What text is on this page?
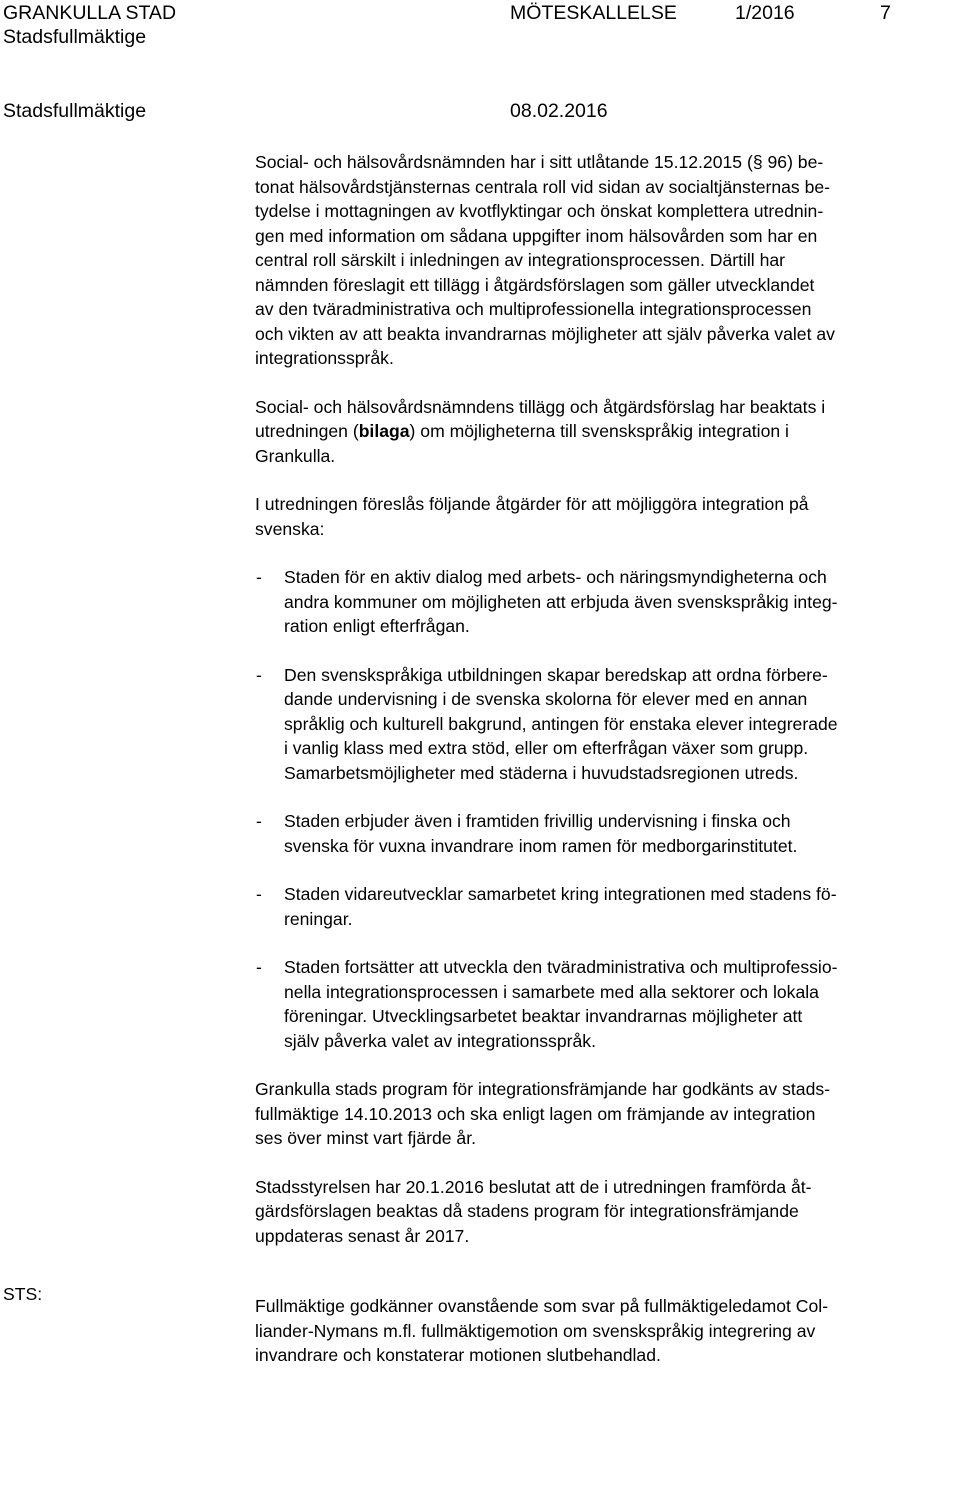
GRANKULLA STAD
Stadsfullmäktige
MÖTESKALLELSE	1/2016	7
Stadsfullmäktige	08.02.2016

Social- och hälsovårdsnämnden har i sitt utlåtande 15.12.2015 (§ 96) be-
tonat hälsovårdstjänsternas centrala roll vid sidan av socialtjänsternas be-
tydelse i mottagningen av kvotflyktingar och önskat komplettera utrednin-
gen med information om sådana uppgifter inom hälsovården som har en
central roll särskilt i inledningen av integrationsprocessen. Därtill har
nämnden föreslagit ett tillägg i åtgärdsförslagen som gäller utvecklandet
av den tväradministrativa och multiprofessionella integrationsprocessen
och vikten av att beakta invandrarnas möjligheter att själv påverka valet av
integrationsspråk.

Social- och hälsovårdsnämndens tillägg och åtgärdsförslag har beaktats i
utredningen (bilaga) om möjligheterna till svenskspråkig integration i
Grankulla.

I utredningen föreslås följande åtgärder för att möjliggöra integration på
svenska:

- Staden för en aktiv dialog med arbets- och näringsmyndigheterna och
andra kommuner om möjligheten att erbjuda även svenskspråkig integ-
ration enligt efterfrågan.
- Den svenskspråkiga utbildningen skapar beredskap att ordna förbere-
dande undervisning i de svenska skolorna för elever med en annan
språklig och kulturell bakgrund, antingen för enstaka elever integrerade
i vanlig klass med extra stöd, eller om efterfrågan växer som grupp.
Samarbetsmöjligheter med städerna i huvudstadsregionen utreds.
- Staden erbjuder även i framtiden frivillig undervisning i finska och
svenska för vuxna invandrare inom ramen för medborgarinstitutet.
- Staden vidareutvecklar samarbetet kring integrationen med stadens fö-
reningar.
- Staden fortsätter att utveckla den tväradministrativa och multiprofessio-
nella integrationsprocessen i samarbete med alla sektorer och lokala
föreningar. Utvecklingsarbetet beaktar invandrarnas möjligheter att
själv påverka valet av integrationsspråk.

Grankulla stads program för integrationsfrämjande har godkänts av stads-
fullmäktige 14.10.2013 och ska enligt lagen om främjande av integration
ses över minst vart fjärde år.

Stadsstyrelsen har 20.1.2016 beslutat att de i utredningen framförda åt-
gärdsförslagen beaktas då stadens program för integrationsfrämjande
uppdateras senast år 2017.

Fullmäktige godkänner ovanstående som svar på fullmäktigeledamot Col-
liander-Nymans m.fl. fullmäktigemotion om svenskspråkig integrering av
invandrare och konstaterar motionen slutbehandlad.

STS:
